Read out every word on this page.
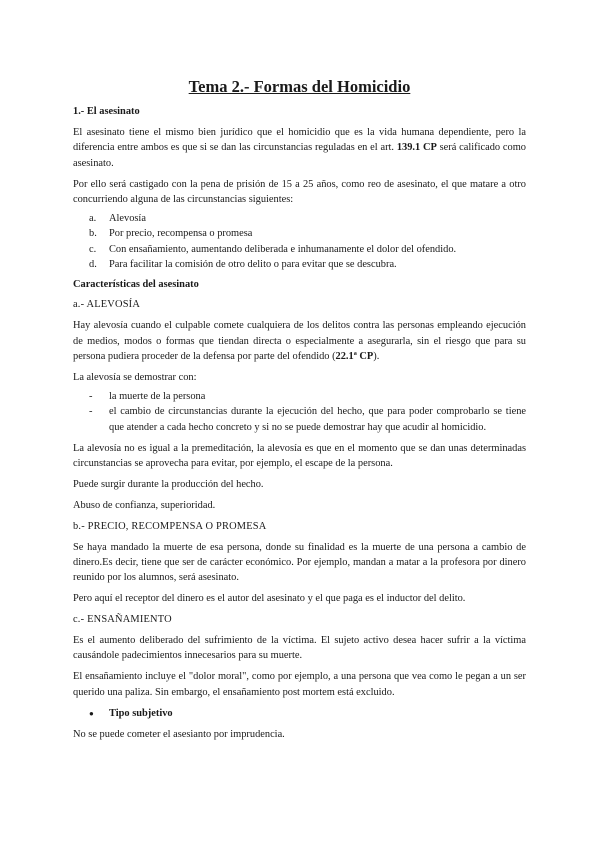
Tema 2.- Formas del Homicidio
1.- El asesinato

El asesinato tiene el mismo bien jurídico que el homicidio que es la vida humana dependiente, pero la diferencia entre ambos es que si se dan las circunstancias reguladas en el art. 139.1 CP será calificado como asesinato.

Por ello será castigado con la pena de prisión de 15 a 25 años, como reo de asesinato, el que matare a otro concurriendo alguna de las circunstancias siguientes:

a. Alevosía
b. Por precio, recompensa o promesa
c. Con ensañamiento, aumentando deliberada e inhumanamente el dolor del ofendido.
d. Para facilitar la comisión de otro delito o para evitar que se descubra.
Características del asesinato
a.- ALEVOSÍA

Hay alevosía cuando el culpable comete cualquiera de los delitos contra las personas empleando ejecución de medios, modos o formas que tiendan directa o especialmente a asegurarla, sin el riesgo que para su persona pudiera proceder de la defensa por parte del ofendido (22.1ª CP).

La alevosía se demostrar con:

- la muerte de la persona
- el cambio de circunstancias durante la ejecución del hecho, que para poder comprobarlo se tiene que atender a cada hecho concreto y si no se puede demostrar hay que acudir al homicidio.

La alevosía no es igual a la premeditación, la alevosía es que en el momento que se dan unas determinadas circunstancias se aprovecha para evitar, por ejemplo, el escape de la persona.

Puede surgir durante la producción del hecho.

Abuso de confianza, superioridad.

b.- PRECIO, RECOMPENSA O PROMESA

Se haya mandado la muerte de esa persona, donde su finalidad es la muerte de una persona a cambio de dinero.Es decir, tiene que ser de carácter económico. Por ejemplo, mandan a matar a la profesora por dinero reunido por los alumnos, será asesinato.

Pero aquí el receptor del dinero es el autor del asesinato y el que paga es el inductor del delito.

c.- ENSAÑAMIENTO

Es el aumento deliberado del sufrimiento de la víctima. El sujeto activo desea hacer sufrir a la víctima causándole padecimientos innecesarios para su muerte.

El ensañamiento incluye el "dolor moral", como por ejemplo, a una persona que vea como le pegan a un ser querido una paliza. Sin embargo, el ensañamiento post mortem está excluido.

● Tipo subjetivo

No se puede cometer el asesianto por imprudencia.
